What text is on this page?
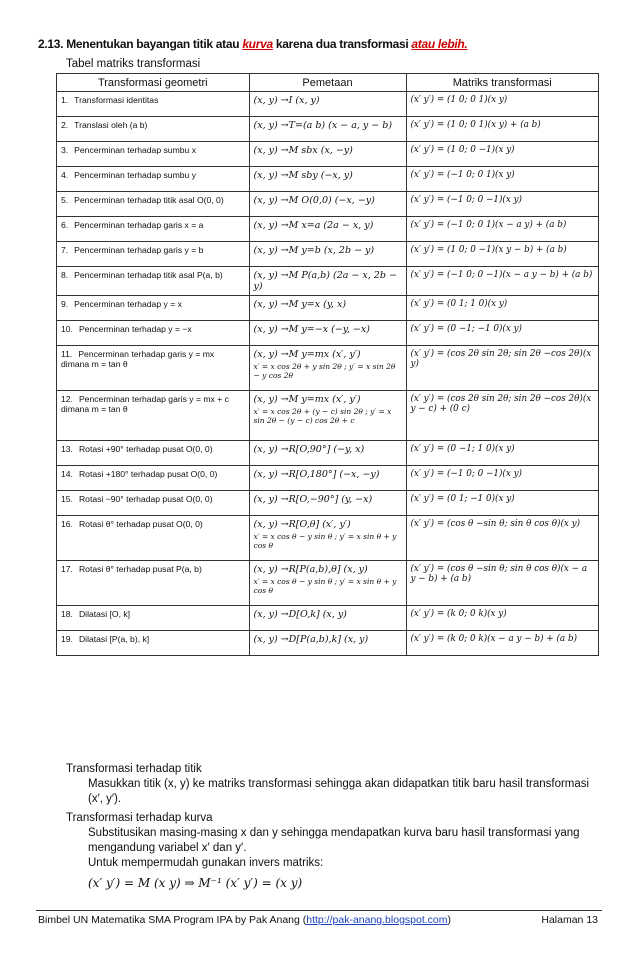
2.13. Menentukan bayangan titik atau kurva karena dua transformasi atau lebih.
Tabel matriks transformasi
Transformasi geometri	Pemetaan	Matriks transformasi
1. Transformasi identitas	(x, y) →I (x, y)	(x′ y′) = (1 0; 0 1)(x y)
2. Translasi oleh (a b)	(x, y) →T=(a b) (x − a, y − b)	(x′ y′) = (1 0; 0 1)(x y) + (a b)
3. Pencerminan terhadap sumbu x	(x, y) →M sbx (x, −y)	(x′ y′) = (1 0; 0 −1)(x y)
4. Pencerminan terhadap sumbu y	(x, y) →M sby (−x, y)	(x′ y′) = (−1 0; 0 1)(x y)
5. Pencerminan terhadap titik asal O(0, 0)	(x, y) →M O(0,0) (−x, −y)	(x′ y′) = (−1 0; 0 −1)(x y)
6. Pencerminan terhadap garis x = a	(x, y) →M x=a (2a − x, y)	(x′ y′) = (−1 0; 0 1)(x − a y) + (a b)
7. Pencerminan terhadap garis y = b	(x, y) →M y=b (x, 2b − y)	(x′ y′) = (1 0; 0 −1)(x y − b) + (a b)
8. Pencerminan terhadap titik asal P(a, b)	(x, y) →M P(a,b) (2a − x, 2b − y)	(x′ y′) = (−1 0; 0 −1)(x − a y − b) + (a b)
9. Pencerminan terhadap y = x	(x, y) →M y=x (y, x)	(x′ y′) = (0 1; 1 0)(x y)
10. Pencerminan terhadap y = −x	(x, y) →M y=−x (−y, −x)	(x′ y′) = (0 −1; −1 0)(x y)
11. Pencerminan terhadap garis y = mx dimana m = tan θ	(x, y) →M y=mx (x′, y′)
x′ = x cos 2θ + y sin 2θ ; y′ = x sin 2θ − y cos 2θ	(x′ y′) = (cos 2θ sin 2θ; sin 2θ −cos 2θ)(x y)
12. Pencerminan terhadap garis y = mx + c dimana m = tan θ	(x, y) →M y=mx (x′, y′)
x′ = x cos 2θ + (y − c) sin 2θ ; y′ = x sin 2θ − (y − c) cos 2θ + c	(x′ y′) = (cos 2θ sin 2θ; sin 2θ −cos 2θ)(x y − c) + (0 c)
13. Rotasi +90° terhadap pusat O(0, 0)	(x, y) →R[O,90°] (−y, x)	(x′ y′) = (0 −1; 1 0)(x y)
14. Rotasi +180° terhadap pusat O(0, 0)	(x, y) →R[O,180°] (−x, −y)	(x′ y′) = (−1 0; 0 −1)(x y)
15. Rotasi −90° terhadap pusat O(0, 0)	(x, y) →R[O,−90°] (y, −x)	(x′ y′) = (0 1; −1 0)(x y)
16. Rotasi θ° terhadap pusat O(0, 0)	(x, y) →R[O,θ] (x′, y′)
x′ = x cos θ − y sin θ ; y′ = x sin θ + y cos θ	(x′ y′) = (cos θ −sin θ; sin θ cos θ)(x y)
17. Rotasi θ° terhadap pusat P(a, b)	(x, y) →R[P(a,b),θ] (x, y)
x′ = x cos θ − y sin θ ; y′ = x sin θ + y cos θ	(x′ y′) = (cos θ −sin θ; sin θ cos θ)(x − a y − b) + (a b)
18. Dilatasi [O, k]	(x, y) →D[O,k] (x, y)	(x′ y′) = (k 0; 0 k)(x y)
19. Dilatasi [P(a, b), k]	(x, y) →D[P(a,b),k] (x, y)	(x′ y′) = (k 0; 0 k)(x − a y − b) + (a b)
Transformasi terhadap titik
Masukkan titik (x, y) ke matriks transformasi sehingga akan didapatkan titik baru hasil transformasi (x′, y′).
Transformasi terhadap kurva
Substitusikan masing-masing x dan y sehingga mendapatkan kurva baru hasil transformasi yang mengandung variabel x′ dan y′.
Untuk mempermudah gunakan invers matriks:
(x′ y′) = M (x y) ⇒ M⁻¹ (x′ y′) = (x y)
Bimbel UN Matematika SMA Program IPA by Pak Anang (http://pak-anang.blogspot.com)	Halaman 13
